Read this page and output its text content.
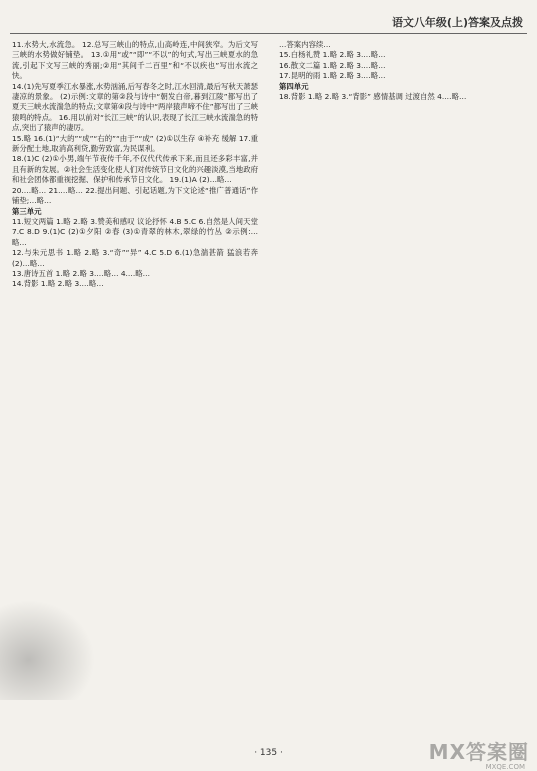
语文八年级(上)答案及点拨

11.水势大,水流急。 12.总写三峡山的特点,山高岭连,中间狭窄。为后文写三峡的水势做好铺垫。 13.①用“或”“即”“不以”的句式,写出三峡夏水的急流,引起下文写三峡的秀丽;②用“其间千二百里”和“不以疾也”写出水流之快。

14.(1)先写夏季江水暴涨,水势汹涌,后写春冬之时,江水回清,最后写秋天萧瑟凄凉的景象。 (2)示例:文章的第②段与诗中“朝发白帝,暮到江陵”都写出了夏天三峡水流湍急的特点;文章第④段与诗中“两岸猿声啼不住”都写出了三峡猿鸣的特点。 16.用以前对“长江三峡”的认识,表现了长江三峡水流湍急的特点,突出了猿声的凄厉。

15.略 16.(1)“大的”“成”“右的”“由于”“成” (2)①以生存 ④补充 缓解 17.重新分配土地,取消高利贷,勤劳致富,为民谋利。

18.(1)C (2)①小男,端午节夜传千年,不仅代代传承下来,而且还多彩丰富,并且有新的发展。②社会生活变化使人们对传统节日文化的兴趣淡漠,当地政府和社会团体都重视挖掘、保护和传承节日文化。 19.(1)A (2)…略…

20.…略… 21.…略… 22.提出问题、引起话题,为下文论述“推广普通话”作铺垫;…略…

第三单元

11.短文两篇 1.略 2.略 3.赞美和感叹 议论抒怀 4.B 5.C 6.自然是人间天堂 7.C 8.D 9.(1)C (2)①夕阳 ②春 (3)①青翠的林木,翠绿的竹丛 ②示例:…略…

12.与朱元思书 1.略 2.略 3.“奇”“异” 4.C 5.D 6.(1)急湍甚箭 猛浪若奔 (2)…略…

13.唐诗五首 1.略 2.略 3.…略… 4.…略…

14.背影 1.略 2.略 3.…略…

…答案内容续…

15.白杨礼赞 1.略 2.略 3.…略…

16.散文二篇 1.略 2.略 3.…略…

17.昆明的雨 1.略 2.略 3.…略…

第四单元

18.背影 1.略 2.略 3.“背影” 感情基调 过渡自然 4.…略…

· 135 ·	MX答案圈
MXQE.COM
